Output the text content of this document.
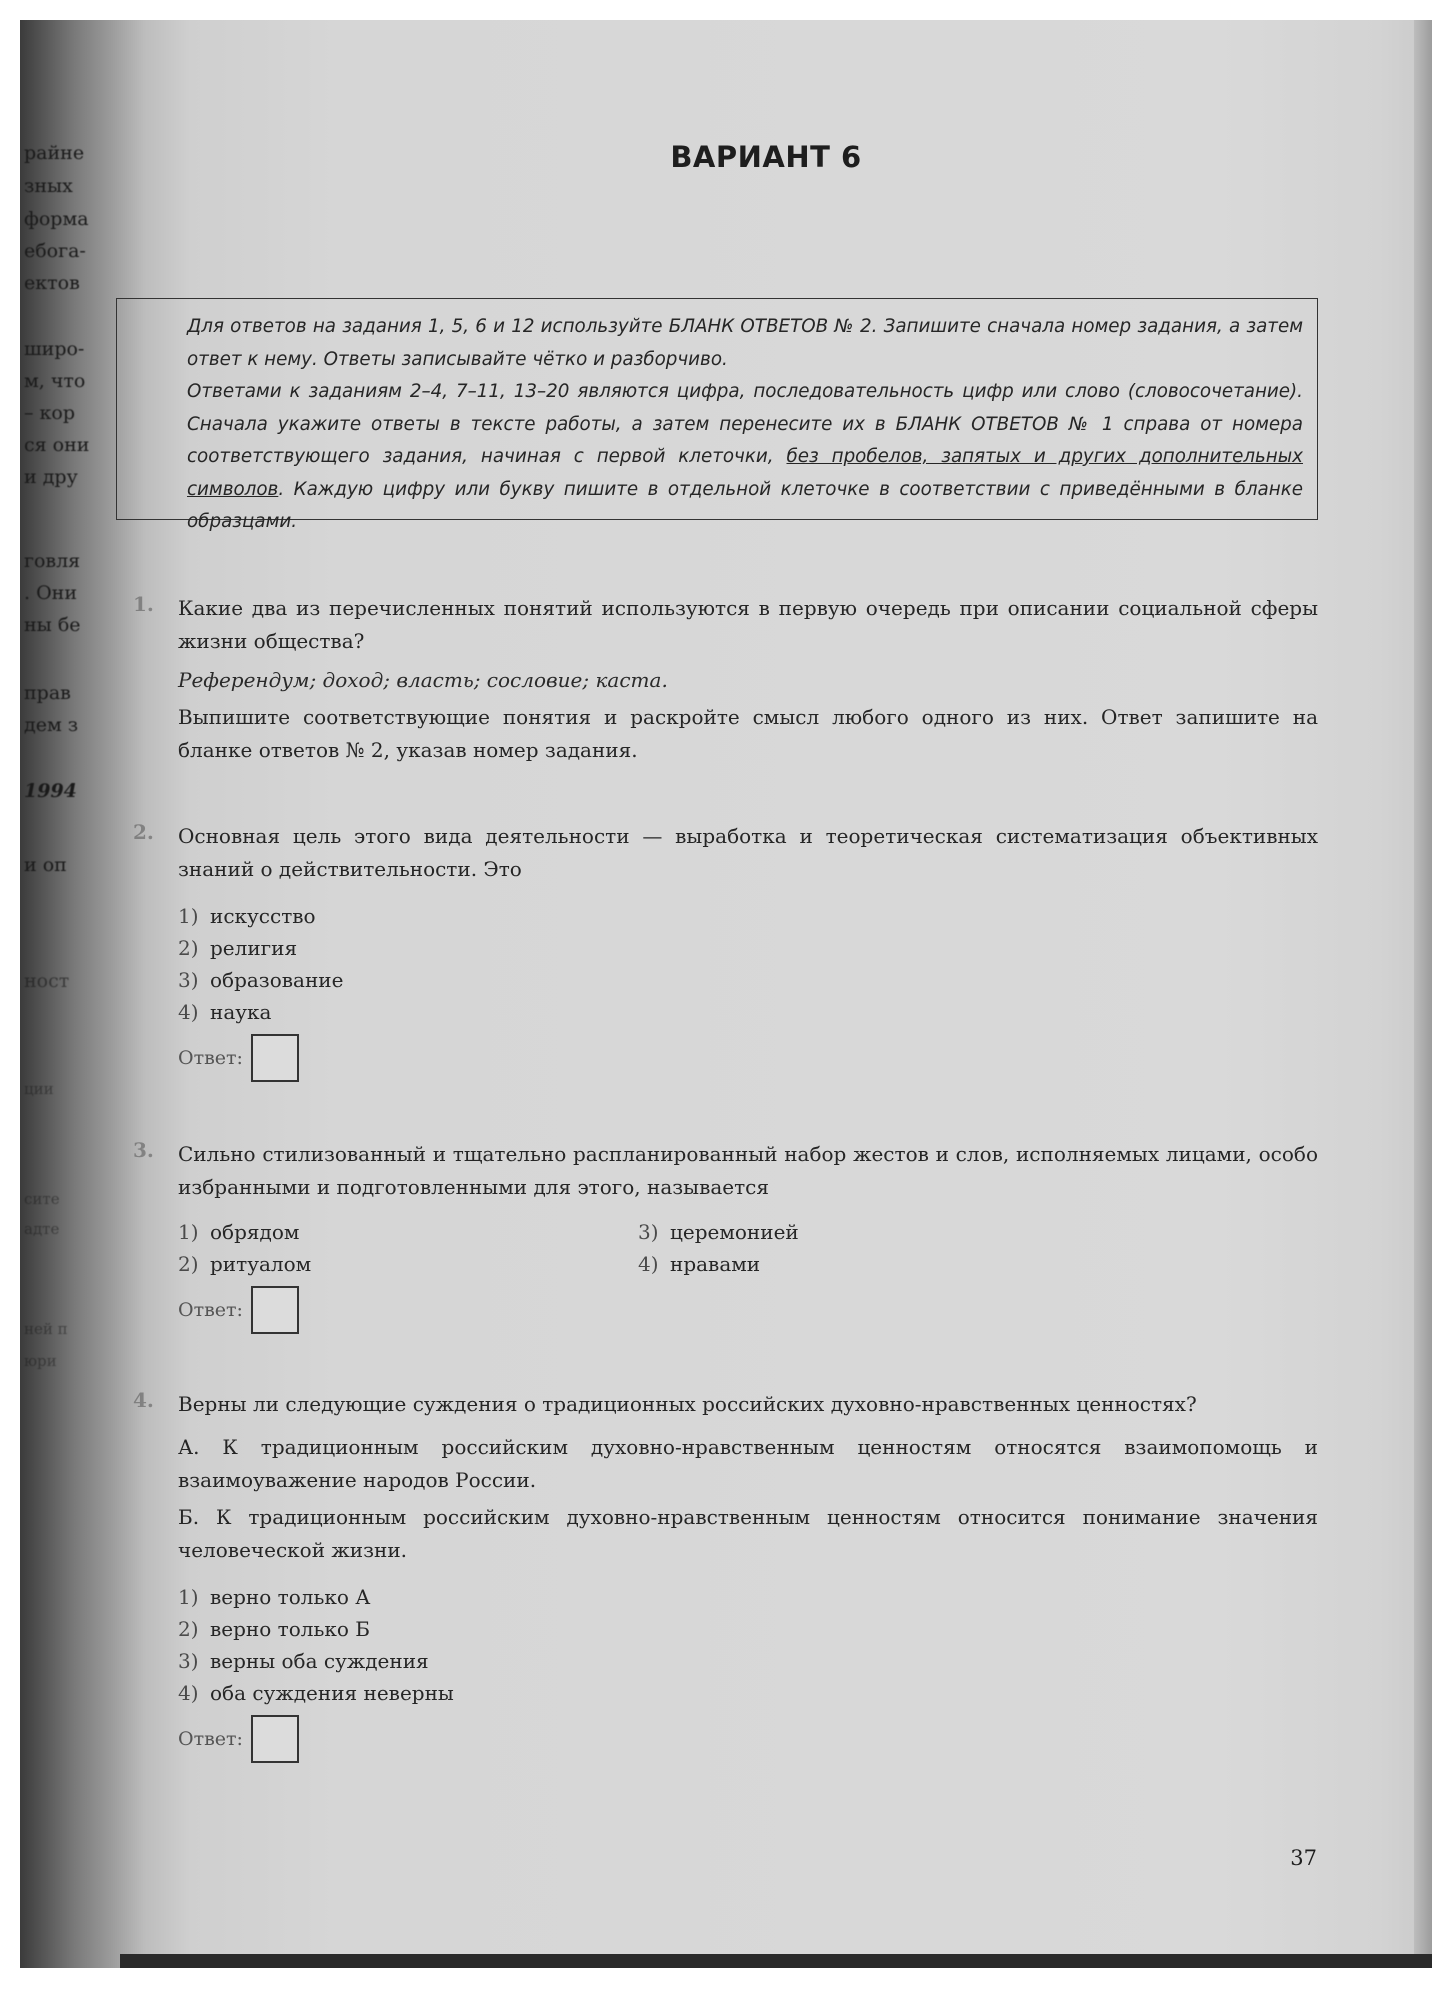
райне
зных
форма
ебога-
ектов
широ-
м, что
– кор
ся они
и дру
говля
. Они
ны бе
прав
дем з
1994
и оп
ност
ции
сите
адте
ней п
юри
ВАРИАНТ 6

Для ответов на задания 1, 5, 6 и 12 используйте БЛАНК ОТВЕТОВ № 2. Запишите сначала номер задания, а затем ответ к нему. Ответы записывайте чётко и разборчиво.

Ответами к заданиям 2–4, 7–11, 13–20 являются цифра, последовательность цифр или слово (словосочетание). Сначала укажите ответы в тексте работы, а затем перенесите их в БЛАНК ОТВЕТОВ № 1 справа от номера соответствующего задания, начиная с первой клеточки, без пробелов, запятых и других дополнительных символов. Каждую цифру или букву пишите в отдельной клеточке в соответствии с приведёнными в бланке образцами.

1. Какие два из перечисленных понятий используются в первую очередь при описании социальной сферы жизни общества?

Референдум; доход; власть; сословие; каста.

Выпишите соответствующие понятия и раскройте смысл любого одного из них. Ответ запишите на бланке ответов № 2, указав номер задания.

2. Основная цель этого вида деятельности — выработка и теоретическая систематизация объективных знаний о действительности. Это

1) искусство
2) религия
3) образование
4) наука
Ответ:
3. Сильно стилизованный и тщательно распланированный набор жестов и слов, исполняемых лицами, особо избранными и подготовленными для этого, называется

1) обрядом	3) церемонией
2) ритуалом	4) нравами
Ответ:
4. Верны ли следующие суждения о традиционных российских духовно-нравственных ценностях?

А. К традиционным российским духовно-нравственным ценностям относятся взаимопомощь и взаимоуважение народов России.

Б. К традиционным российским духовно-нравственным ценностям относится понимание значения человеческой жизни.

1) верно только А
2) верно только Б
3) верны оба суждения
4) оба суждения неверны
Ответ:
37
